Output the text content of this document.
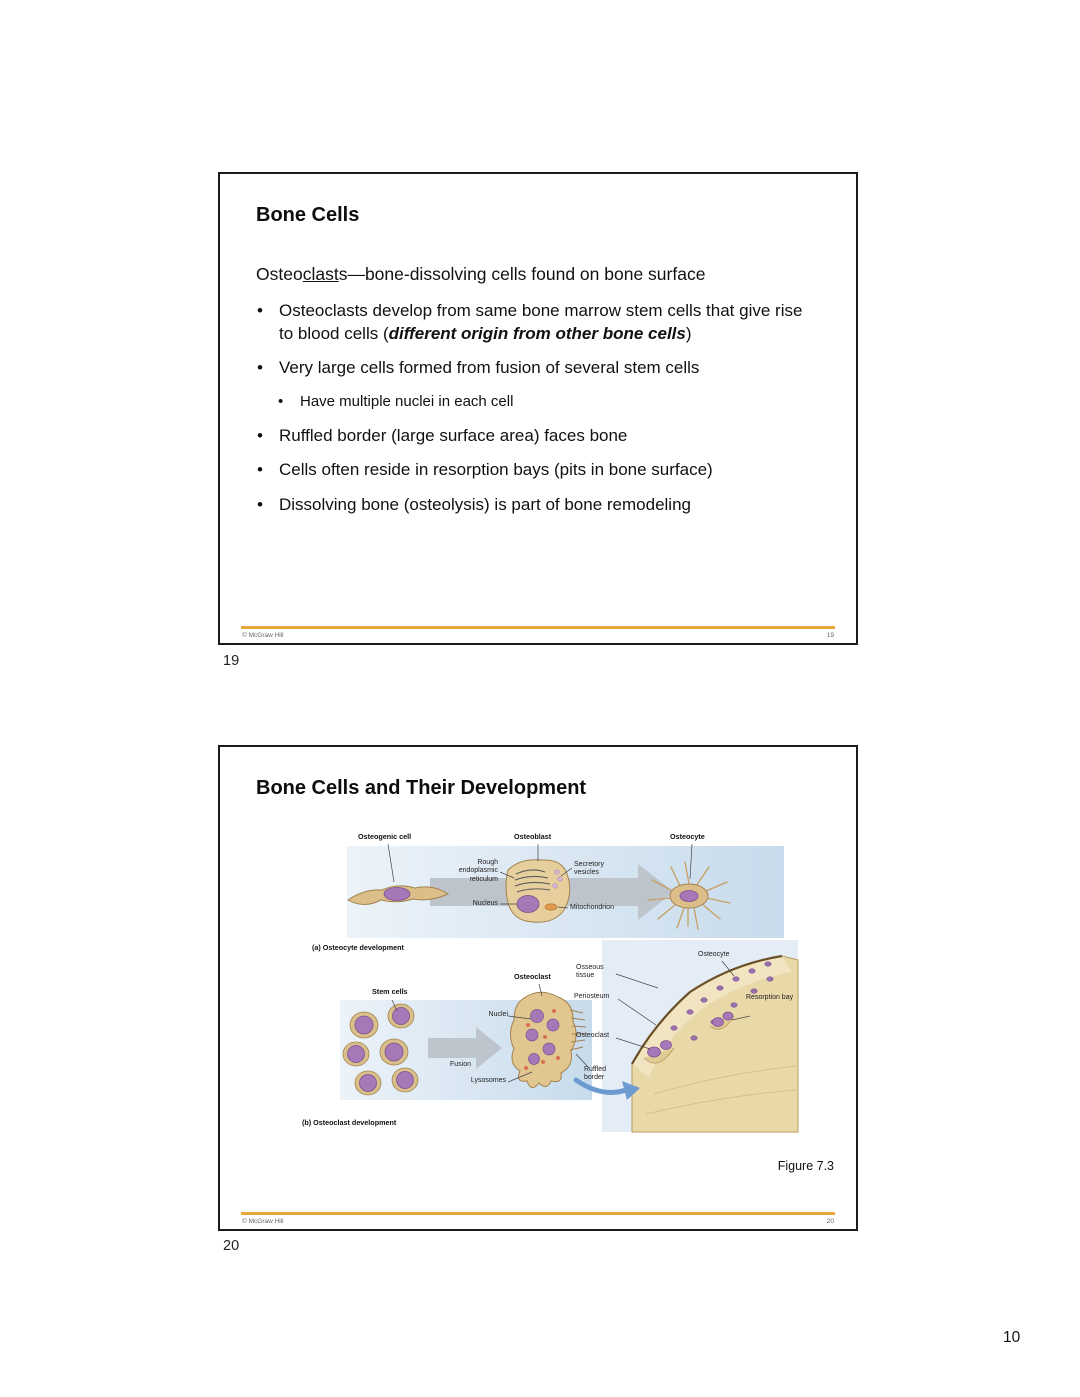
Bone Cells

Osteoclasts—bone-dissolving cells found on bone surface

• Osteoclasts develop from same bone marrow stem cells that give rise to blood cells (different origin from other bone cells)
• Very large cells formed from fusion of several stem cells
• Have multiple nuclei in each cell
• Ruffled border (large surface area) faces bone
• Cells often reside in resorption bays (pits in bone surface)
• Dissolving bone (osteolysis) is part of bone remodeling
© McGraw Hill	19
19
Bone Cells and Their Development
Osteogenic cell	Osteoblast	Osteocyte
Rough endoplasmic reticulum
Secretory vesicles
Nucleus
Mitochondrion
(a) Osteocyte development
Stem cells
Osteoclast
Osseous tissue
Periosteum
Osteocyte
Resorption bay
Nuclei
Fusion
Osteoclast
Ruffled border
Lysosomes
(b) Osteoclast development
Figure 7.3
© McGraw Hill	20
20
10
